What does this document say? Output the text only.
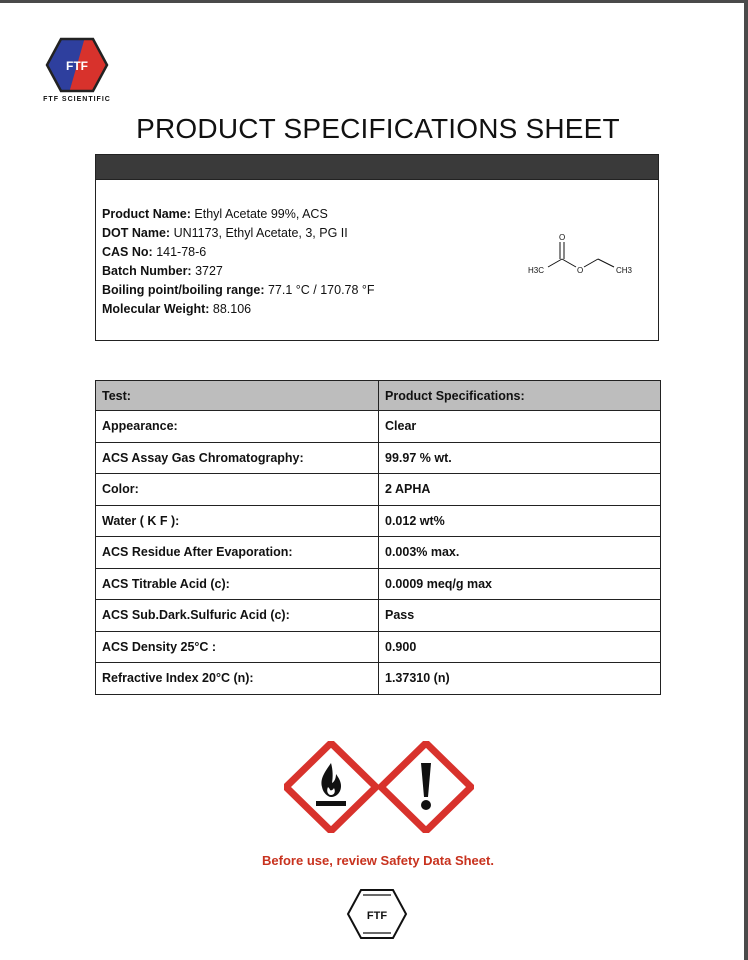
FTF
FTF SCIENTIFIC
PRODUCT SPECIFICATIONS SHEET
Product Name: Ethyl Acetate 99%, ACS
DOT Name: UN1173, Ethyl Acetate, 3, PG II
CAS No: 141-78-6
Batch Number: 3727
Boiling point/boiling range: 77.1 °C / 170.78 °F
Molecular Weight: 88.106
O
O
H3C	CH3
Test:	Product Specifications:
Appearance:	Clear
ACS Assay Gas Chromatography:	99.97 % wt.
Color:	2 APHA
Water ( K F ):	0.012 wt%
ACS Residue After Evaporation:	0.003% max.
ACS Titrable Acid (c):	0.0009 meq/g max
ACS Sub.Dark.Sulfuric Acid (c):	Pass
ACS Density 25°C :	0.900
Refractive Index 20°C (n):	1.37310 (n)
Before use, review Safety Data Sheet.
FTF
